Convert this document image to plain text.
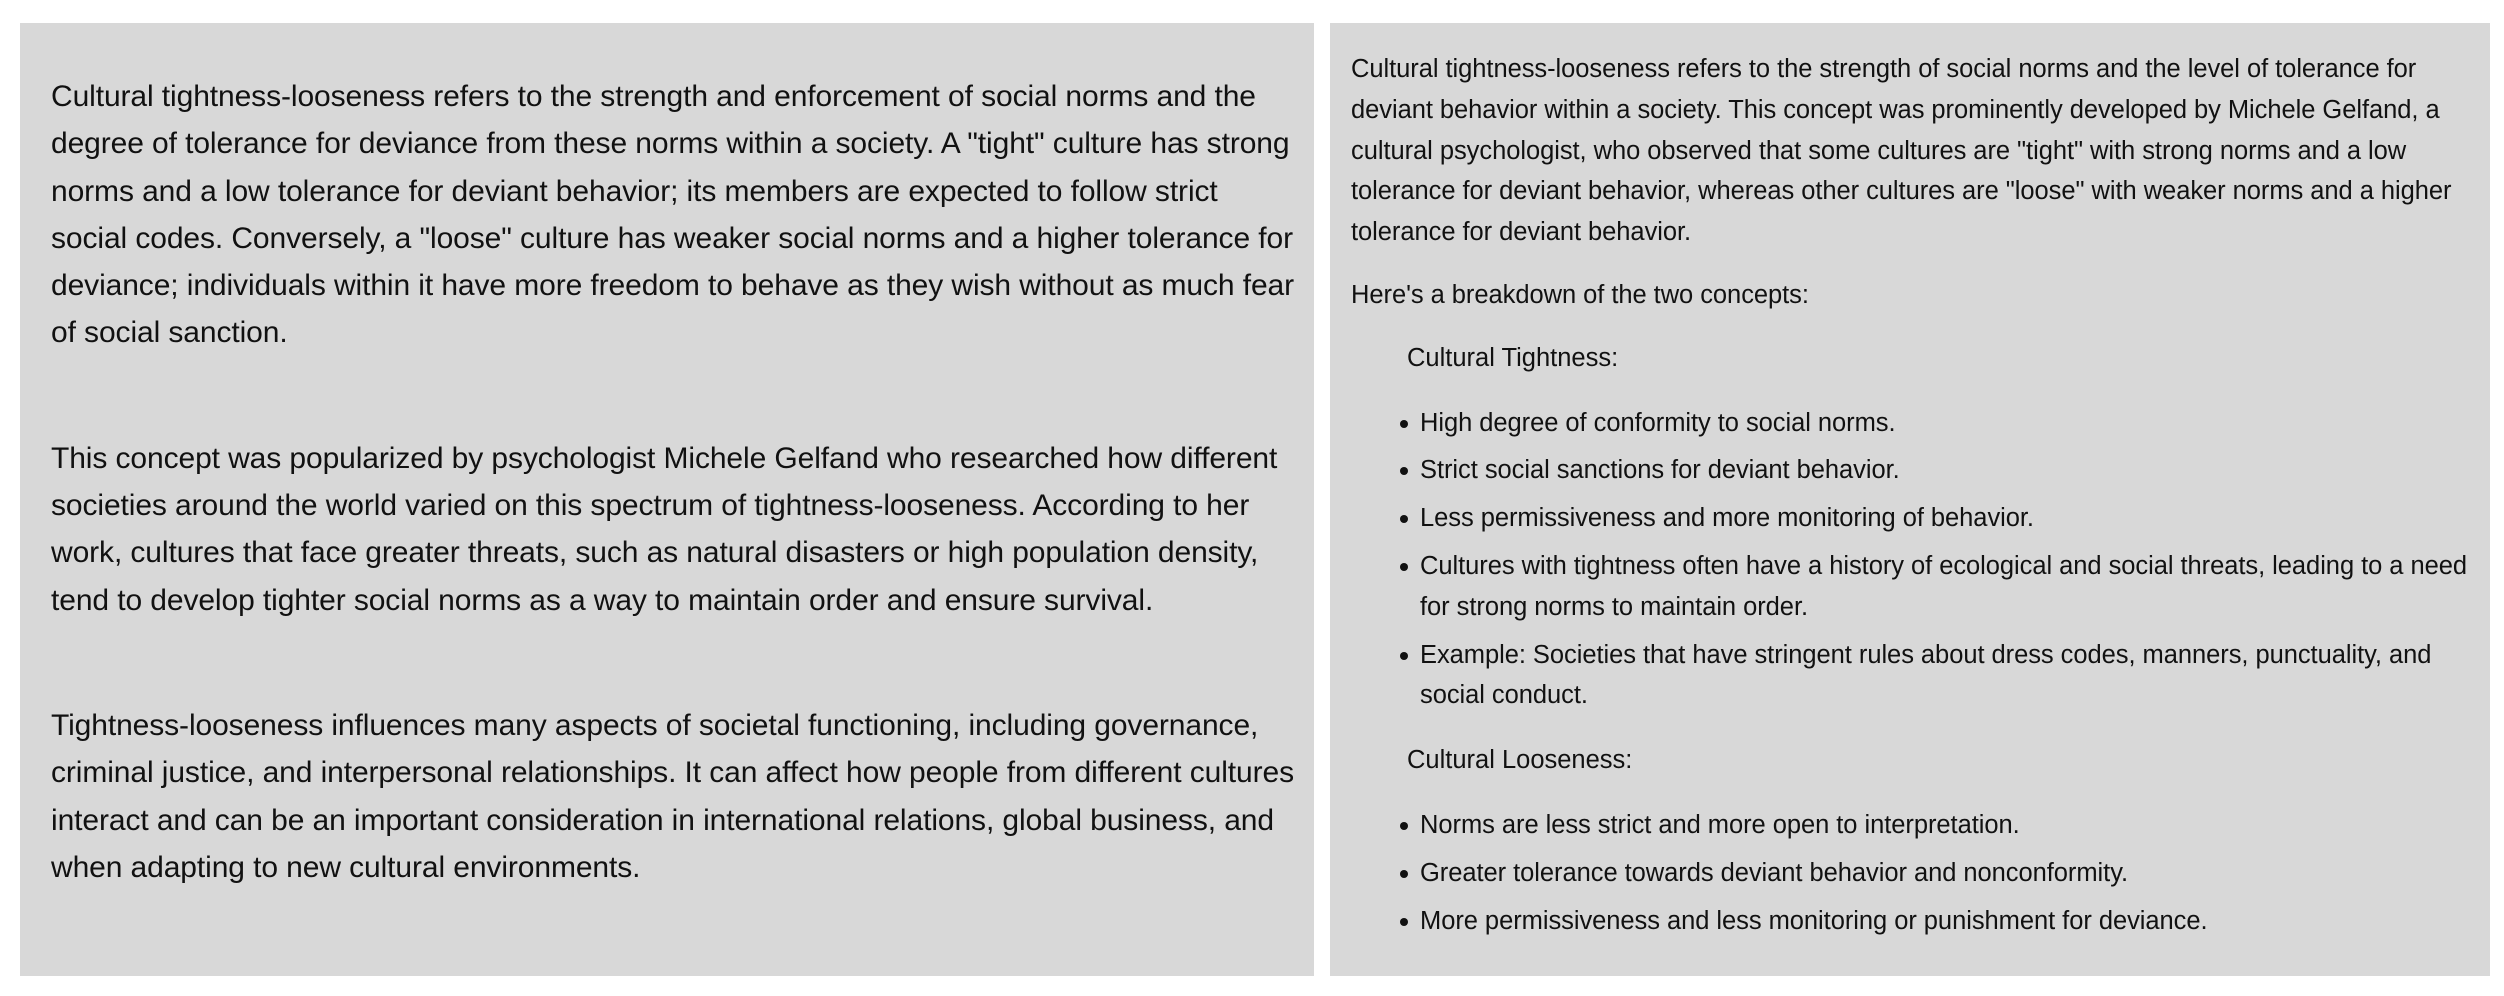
Cultural tightness-looseness refers to the strength and enforcement of social norms and the degree of tolerance for deviance from these norms within a society. A "tight" culture has strong norms and a low tolerance for deviant behavior; its members are expected to follow strict social codes. Conversely, a "loose" culture has weaker social norms and a higher tolerance for deviance; individuals within it have more freedom to behave as they wish without as much fear of social sanction.

This concept was popularized by psychologist Michele Gelfand who researched how different societies around the world varied on this spectrum of tightness-looseness. According to her work, cultures that face greater threats, such as natural disasters or high population density, tend to develop tighter social norms as a way to maintain order and ensure survival.

Tightness-looseness influences many aspects of societal functioning, including governance, criminal justice, and interpersonal relationships. It can affect how people from different cultures interact and can be an important consideration in international relations, global business, and when adapting to new cultural environments.

Cultural tightness-looseness refers to the strength of social norms and the level of tolerance for deviant behavior within a society. This concept was prominently developed by Michele Gelfand, a cultural psychologist, who observed that some cultures are "tight" with strong norms and a low tolerance for deviant behavior, whereas other cultures are "loose" with weaker norms and a higher tolerance for deviant behavior.

Here's a breakdown of the two concepts:

Cultural Tightness:
High degree of conformity to social norms.
Strict social sanctions for deviant behavior.
Less permissiveness and more monitoring of behavior.
Cultures with tightness often have a history of ecological and social threats, leading to a need for strong norms to maintain order.
Example: Societies that have stringent rules about dress codes, manners, punctuality, and social conduct.
Cultural Looseness:
Norms are less strict and more open to interpretation.
Greater tolerance towards deviant behavior and nonconformity.
More permissiveness and less monitoring or punishment for deviance.
